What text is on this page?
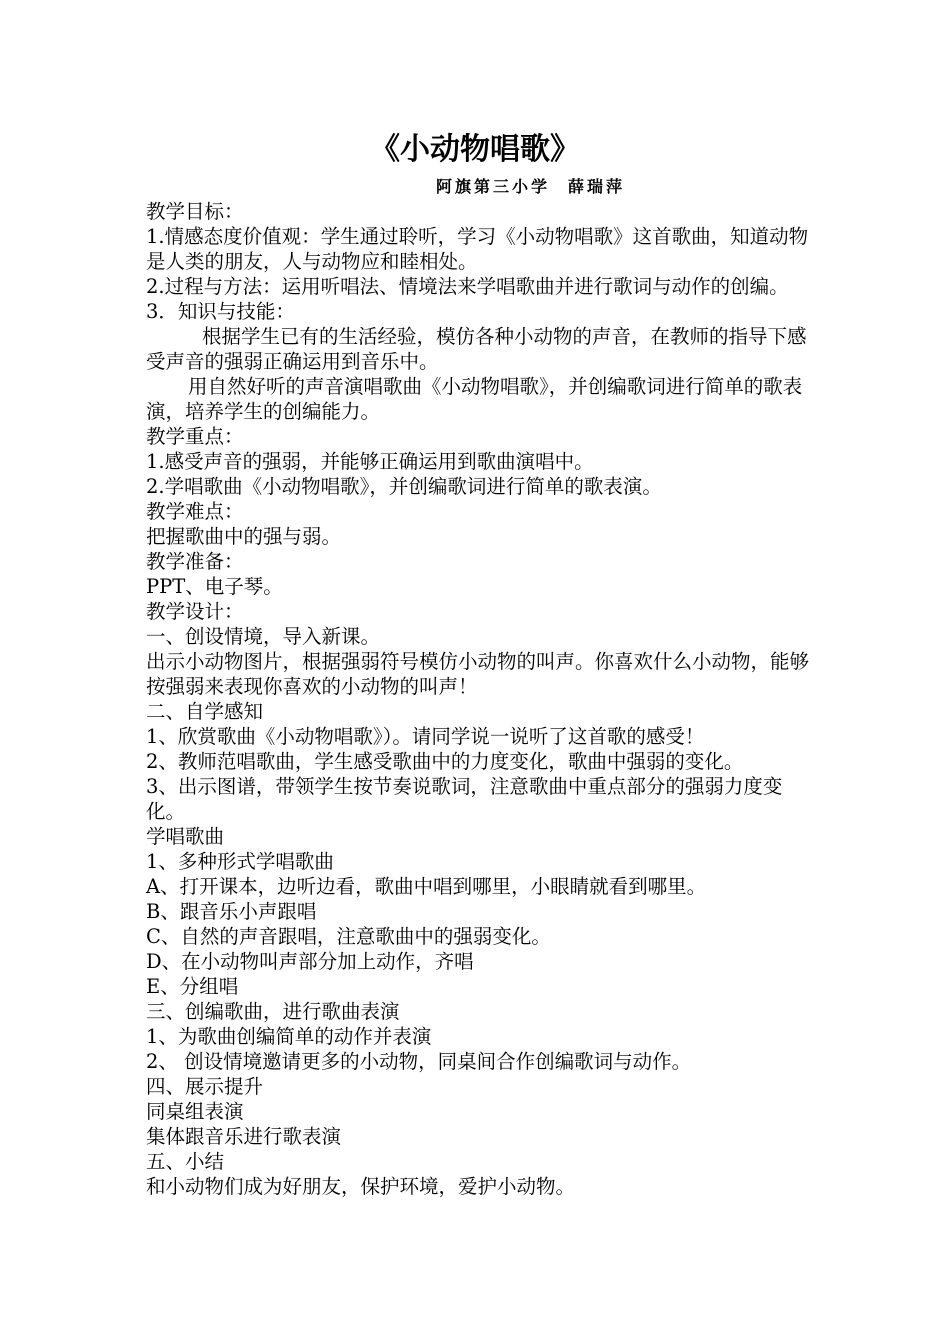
《小动物唱歌》
阿旗第三小学 薛瑞萍

教学目标：

1.情感态度价值观：学生通过聆听，学习《小动物唱歌》这首歌曲，知道动物是人类的朋友，人与动物应和睦相处。

2.过程与方法：运用听唱法、情境法来学唱歌曲并进行歌词与动作的创编。

3．知识与技能：

根据学生已有的生活经验，模仿各种小动物的声音，在教师的指导下感受声音的强弱正确运用到音乐中。

用自然好听的声音演唱歌曲《小动物唱歌》，并创编歌词进行简单的歌表演，培养学生的创编能力。

教学重点：

1.感受声音的强弱，并能够正确运用到歌曲演唱中。

2.学唱歌曲《小动物唱歌》，并创编歌词进行简单的歌表演。

教学难点：

把握歌曲中的强与弱。

教学准备：

PPT、电子琴。

教学设计：

一、创设情境，导入新课。

出示小动物图片，根据强弱符号模仿小动物的叫声。你喜欢什么小动物，能够按强弱来表现你喜欢的小动物的叫声！

二、自学感知

1、欣赏歌曲《小动物唱歌》）。请同学说一说听了这首歌的感受！

2、教师范唱歌曲，学生感受歌曲中的力度变化，歌曲中强弱的变化。

3、出示图谱，带领学生按节奏说歌词，注意歌曲中重点部分的强弱力度变化。

学唱歌曲

1、多种形式学唱歌曲

A、打开课本，边听边看，歌曲中唱到哪里，小眼睛就看到哪里。

B、跟音乐小声跟唱

C、自然的声音跟唱，注意歌曲中的强弱变化。

D、在小动物叫声部分加上动作，齐唱

E、分组唱

三、创编歌曲，进行歌曲表演

1、为歌曲创编简单的动作并表演

2、 创设情境邀请更多的小动物，同桌间合作创编歌词与动作。

四、展示提升

同桌组表演

集体跟音乐进行歌表演

五、小结

和小动物们成为好朋友，保护环境，爱护小动物。
